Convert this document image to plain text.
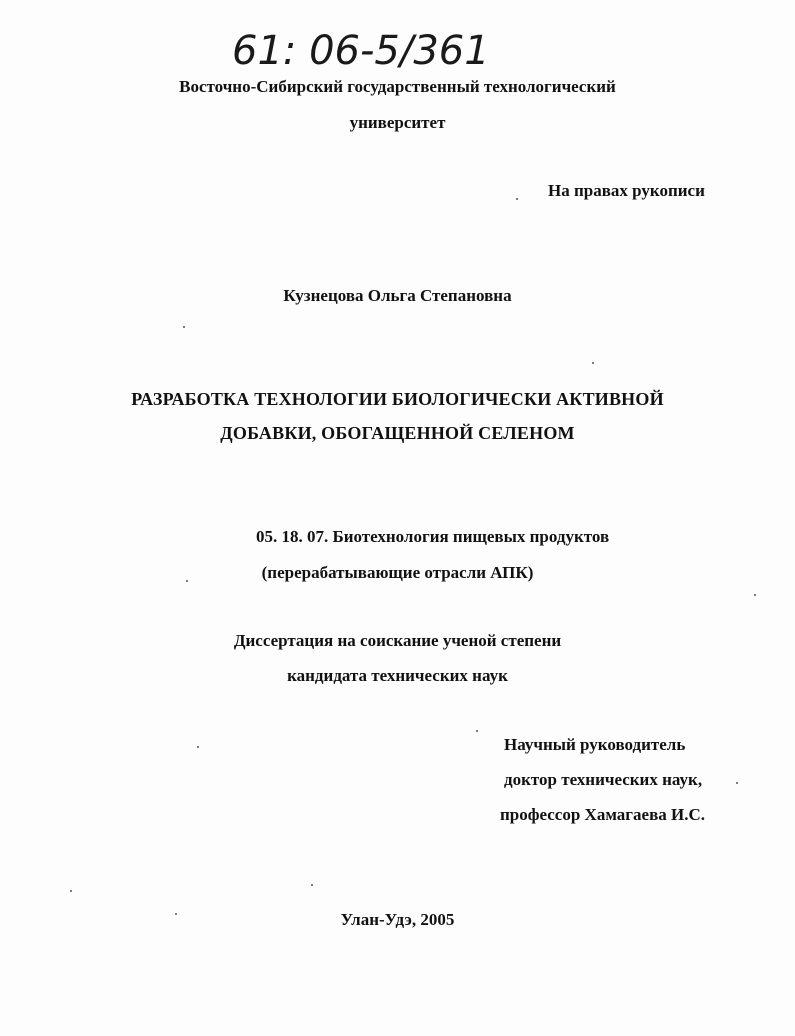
61: 06-5/361
Восточно-Сибирский государственный технологический
университет
На правах рукописи
Кузнецова Ольга Степановна
РАЗРАБОТКА ТЕХНОЛОГИИ БИОЛОГИЧЕСКИ АКТИВНОЙ
ДОБАВКИ, ОБОГАЩЕННОЙ СЕЛЕНОМ
05. 18. 07. Биотехнология пищевых продуктов
(перерабатывающие отрасли АПК)
Диссертация на соискание ученой степени
кандидата технических наук
Научный руководитель
доктор технических наук,
профессор Хамагаева И.С.
Улан-Удэ, 2005
